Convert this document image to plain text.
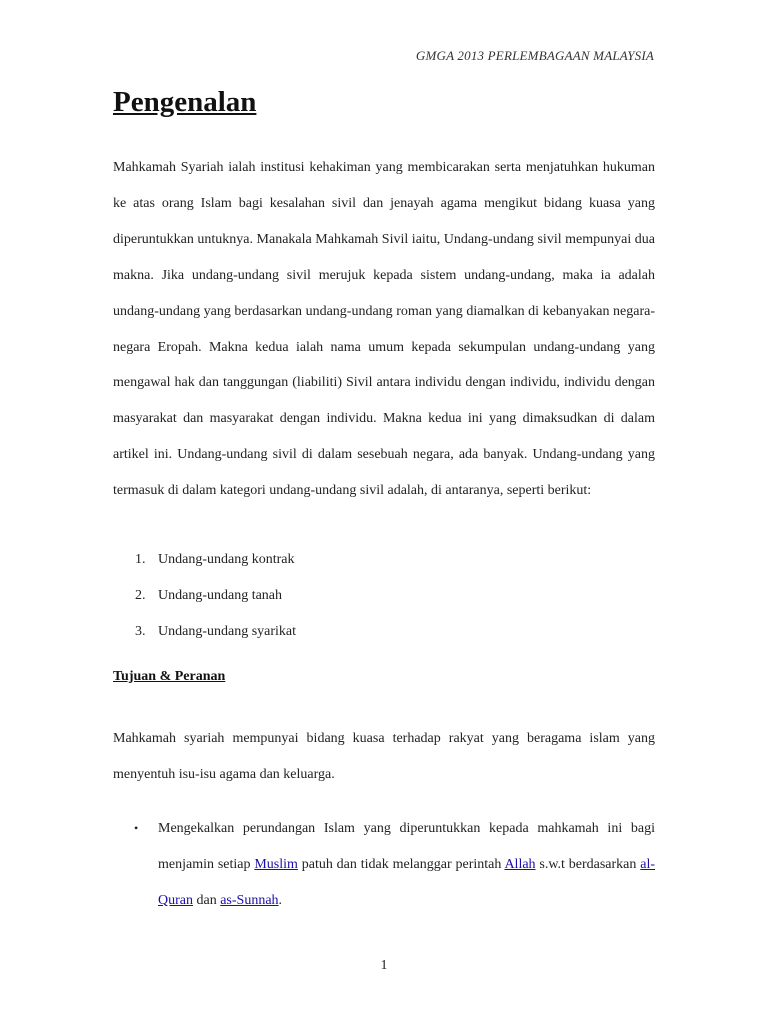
GMGA 2013 PERLEMBAGAAN MALAYSIA
Pengenalan

Mahkamah Syariah ialah institusi kehakiman yang membicarakan serta menjatuhkan hukuman ke atas orang Islam bagi kesalahan sivil dan jenayah agama mengikut bidang kuasa yang diperuntukkan untuknya. Manakala Mahkamah Sivil iaitu, Undang-undang sivil mempunyai dua makna. Jika undang-undang sivil merujuk kepada sistem undang-undang, maka ia adalah undang-undang yang berdasarkan undang-undang roman yang diamalkan di kebanyakan negara-negara Eropah. Makna kedua ialah nama umum kepada sekumpulan undang-undang yang mengawal hak dan tanggungan (liabiliti) Sivil antara individu dengan individu, individu dengan masyarakat dan masyarakat dengan individu. Makna kedua ini yang dimaksudkan di dalam artikel ini. Undang-undang sivil di dalam sesebuah negara, ada banyak. Undang-undang yang termasuk di dalam kategori undang-undang sivil adalah, di antaranya, seperti berikut:

1. Undang-undang kontrak
2. Undang-undang tanah
3. Undang-undang syarikat
Tujuan & Peranan

Mahkamah syariah mempunyai bidang kuasa terhadap rakyat yang beragama islam yang menyentuh isu-isu agama dan keluarga.

• Mengekalkan perundangan Islam yang diperuntukkan kepada mahkamah ini bagi menjamin setiap Muslim patuh dan tidak melanggar perintah Allah s.w.t berdasarkan al-Quran dan as-Sunnah.
1
